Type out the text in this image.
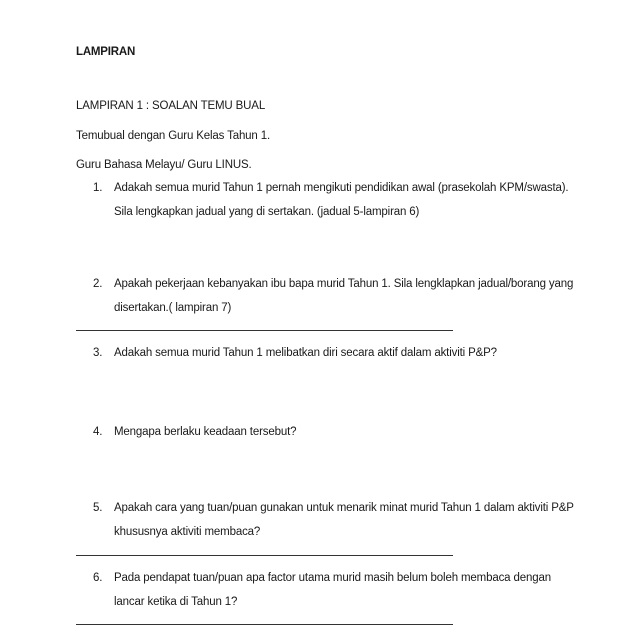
LAMPIRAN
LAMPIRAN 1 : SOALAN TEMU BUAL
Temubual dengan Guru Kelas Tahun 1.
Guru Bahasa Melayu/ Guru LINUS.
1. Adakah semua murid Tahun 1 pernah mengikuti pendidikan awal (prasekolah KPM/swasta). Sila lengkapkan jadual yang di sertakan. (jadual 5-lampiran 6)
2. Apakah pekerjaan kebanyakan ibu bapa murid Tahun 1. Sila lengklapkan jadual/borang yang disertakan.( lampiran 7)
3. Adakah semua murid Tahun 1 melibatkan diri secara aktif dalam aktiviti P&P?
4. Mengapa berlaku keadaan tersebut?
5. Apakah cara yang tuan/puan gunakan untuk menarik minat murid Tahun 1 dalam aktiviti P&P khususnya aktiviti membaca?
6. Pada pendapat tuan/puan apa factor utama murid masih belum boleh membaca dengan lancar ketika di Tahun 1?
